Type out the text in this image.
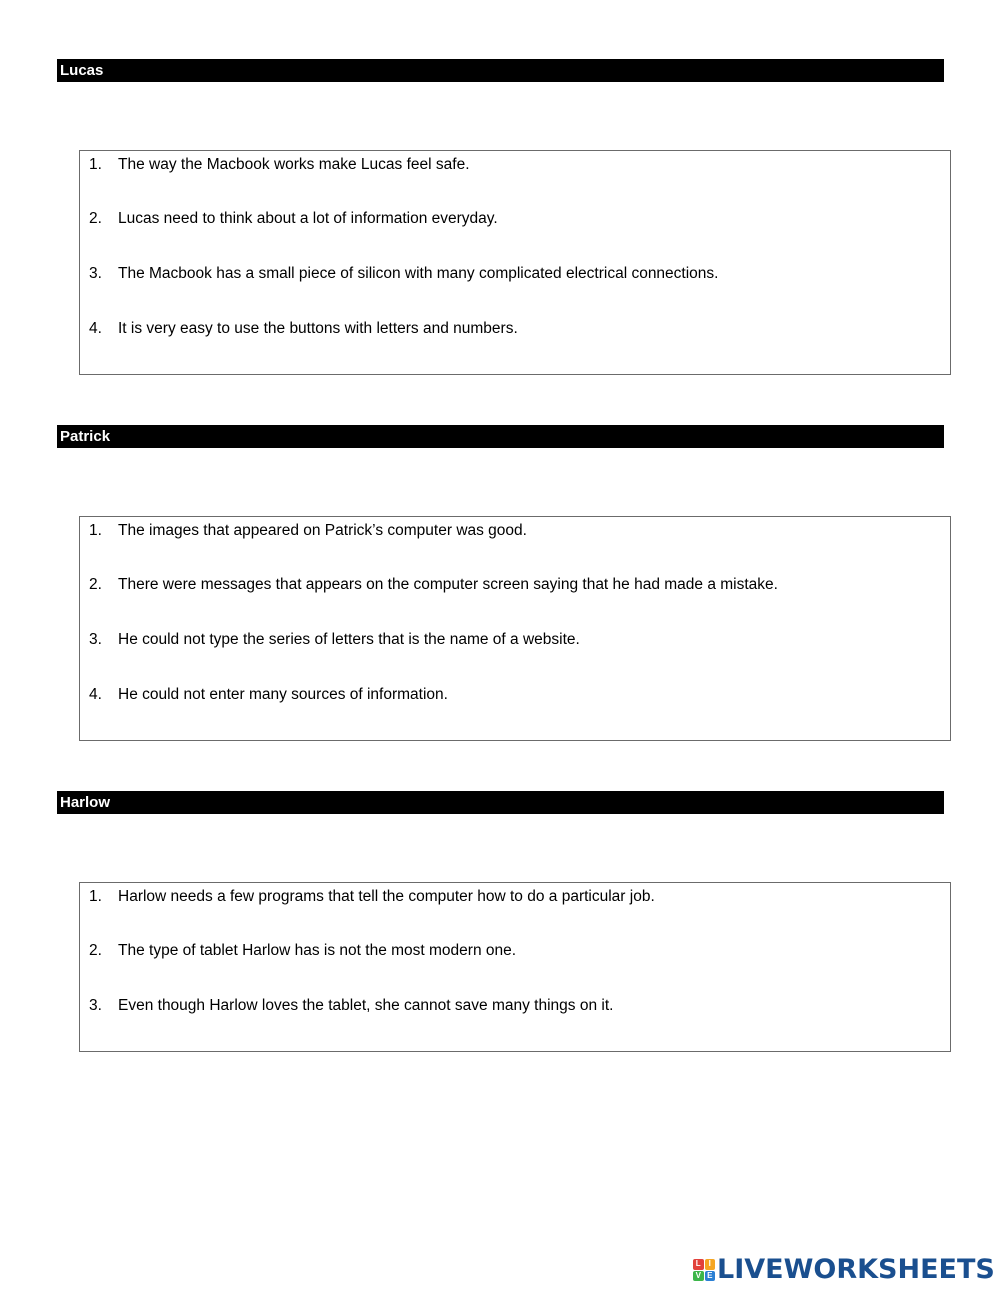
Lucas
1.	The way the Macbook works make Lucas feel safe.
2.	Lucas need to think about a lot of information everyday.
3.	The Macbook has a small piece of silicon with many complicated electrical connections.
4.	It is very easy to use the buttons with letters and numbers.
Patrick
1.	The images that appeared on Patrick’s computer was good.
2.	There were messages that appears on the computer screen saying that he had made a mistake.
3.	He could not type the series of letters that is the name of a website.
4.	He could not enter many sources of information.
Harlow
1.	Harlow needs a few programs that tell the computer how to do a particular job.
2.	The type of tablet Harlow has is not the most modern one.
3.	Even though Harlow loves the tablet, she cannot save many things on it.
L I
V E LIVEWORKSHEETS
